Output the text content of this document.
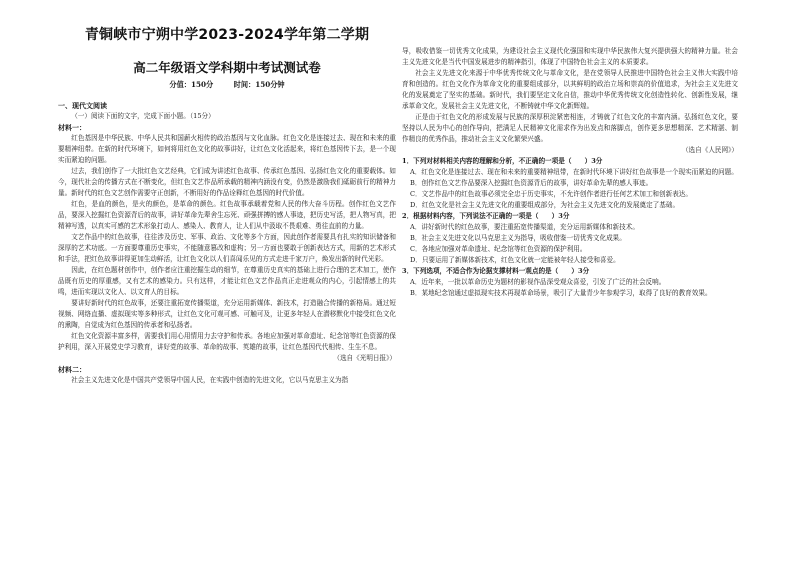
青铜峡市宁朔中学2023-2024学年第二学期
高二年级语文学科期中考试测试卷
分值：150分	时间：150分钟

一、现代文阅读

（一）阅读下面的文字，完成下面小题。（15分）

材料一：

红色基因是中华民族、中华人民共和国薪火相传的政治基因与文化血脉。红色文化是连接过去、现在和未来的重要精神纽带。在新的时代环境下，如何将用红色文化的故事讲好，让红色文化活起来，将红色基因传下去，是一个现实而紧迫的问题。

过去，我们创作了一大批红色文艺经典，它们成为讲述红色故事、传承红色基因、弘扬红色文化的重要载体。如今，现代社会的传播方式在不断变化，但红色文艺作品所承载的精神内涵没有变，仍然是激励我们砥砺前行的精神力量。新时代的红色文艺创作需要守正创新，不断用好的作品诠释红色基因的时代价值。

红色，是血的颜色，是火的颜色，是革命的颜色。红色故事承载着党和人民的伟大奋斗历程。创作红色文艺作品，要深入挖掘红色资源背后的故事，讲好革命先辈舍生忘死、顽强拼搏的感人事迹，把历史写活，把人物写真，把精神写透，以真实可感的艺术形象打动人、感染人、教育人，让人们从中汲取不畏艰难、勇往直前的力量。

文艺作品中的红色故事，往往涉及历史、军事、政治、文化等多个方面，因此创作者需要具有扎实的知识储备和深厚的艺术功底。一方面要尊重历史事实，不能随意篡改和虚构；另一方面也要敢于创新表达方式，用新的艺术形式和手法，把红色故事讲得更加生动鲜活，让红色文化以人们喜闻乐见的方式走进千家万户，焕发出新的时代光彩。

因此，在红色题材创作中，创作者应注重挖掘生动的细节，在尊重历史真实的基础上进行合理的艺术加工，使作品既有历史的厚重感，又有艺术的感染力。只有这样，才能让红色文艺作品真正走进观众的内心，引起情感上的共鸣，进而实现以文化人、以文育人的目标。

要讲好新时代的红色故事，还要注重拓宽传播渠道，充分运用新媒体、新技术，打造融合传播的新格局。通过短视频、网络直播、虚拟现实等多种形式，让红色文化可观可感、可触可及，让更多年轻人在潜移默化中接受红色文化的熏陶，自觉成为红色基因的传承者和弘扬者。

红色文化资源丰富多样，需要我们用心用情用力去守护和传承。各地应加强对革命遗址、纪念馆等红色资源的保护利用，深入开展党史学习教育，讲好党的故事、革命的故事、英雄的故事，让红色基因代代相传、生生不息。

（选自《光明日报》）

材料二：

社会主义先进文化是中国共产党领导中国人民，在实践中创造的先进文化，它以马克思主义为指

导，吸收借鉴一切优秀文化成果，为建设社会主义现代化强国和实现中华民族伟大复兴提供强大的精神力量。社会主义先进文化是当代中国发展进步的精神指引，体现了中国特色社会主义的本质要求。

社会主义先进文化来源于中华优秀传统文化与革命文化，是在党领导人民推进中国特色社会主义伟大实践中培育和创造的。红色文化作为革命文化的重要组成部分，以其鲜明的政治立场和崇高的价值追求，为社会主义先进文化的发展奠定了坚实的基础。新时代，我们要坚定文化自信，推动中华优秀传统文化创造性转化、创新性发展，继承革命文化，发展社会主义先进文化，不断铸就中华文化新辉煌。

正是由于红色文化的形成发展与民族的深厚积淀紧密相连，才铸就了红色文化的丰富内涵。弘扬红色文化，要坚持以人民为中心的创作导向，把满足人民精神文化需求作为出发点和落脚点，创作更多思想精深、艺术精湛、制作精良的优秀作品，推动社会主义文化繁荣兴盛。

（选自《人民网》）

1．下列对材料相关内容的理解和分析，不正确的一项是（　　）3分

A．红色文化是连接过去、现在和未来的重要精神纽带，在新时代环境下讲好红色故事是一个现实而紧迫的问题。

B．创作红色文艺作品要深入挖掘红色资源背后的故事，讲好革命先辈的感人事迹。

C．文艺作品中的红色故事必须完全忠于历史事实，不允许创作者进行任何艺术加工和创新表达。

D．红色文化是社会主义先进文化的重要组成部分，为社会主义先进文化的发展奠定了基础。

2．根据材料内容，下列说法不正确的一项是（　　）3分

A．讲好新时代的红色故事，要注重拓宽传播渠道，充分运用新媒体和新技术。

B．社会主义先进文化以马克思主义为指导，吸收借鉴一切优秀文化成果。

C．各地应加强对革命遗址、纪念馆等红色资源的保护利用。

D．只要运用了新媒体新技术，红色文化就一定能被年轻人接受和喜爱。

3．下列选项，不适合作为论据支撑材料一观点的是（　　）3分

A．近年来，一批以革命历史为题材的影视作品深受观众喜爱，引发了广泛的社会反响。

B．某地纪念馆通过虚拟现实技术再现革命场景，吸引了大量青少年参观学习，取得了良好的教育效果。
